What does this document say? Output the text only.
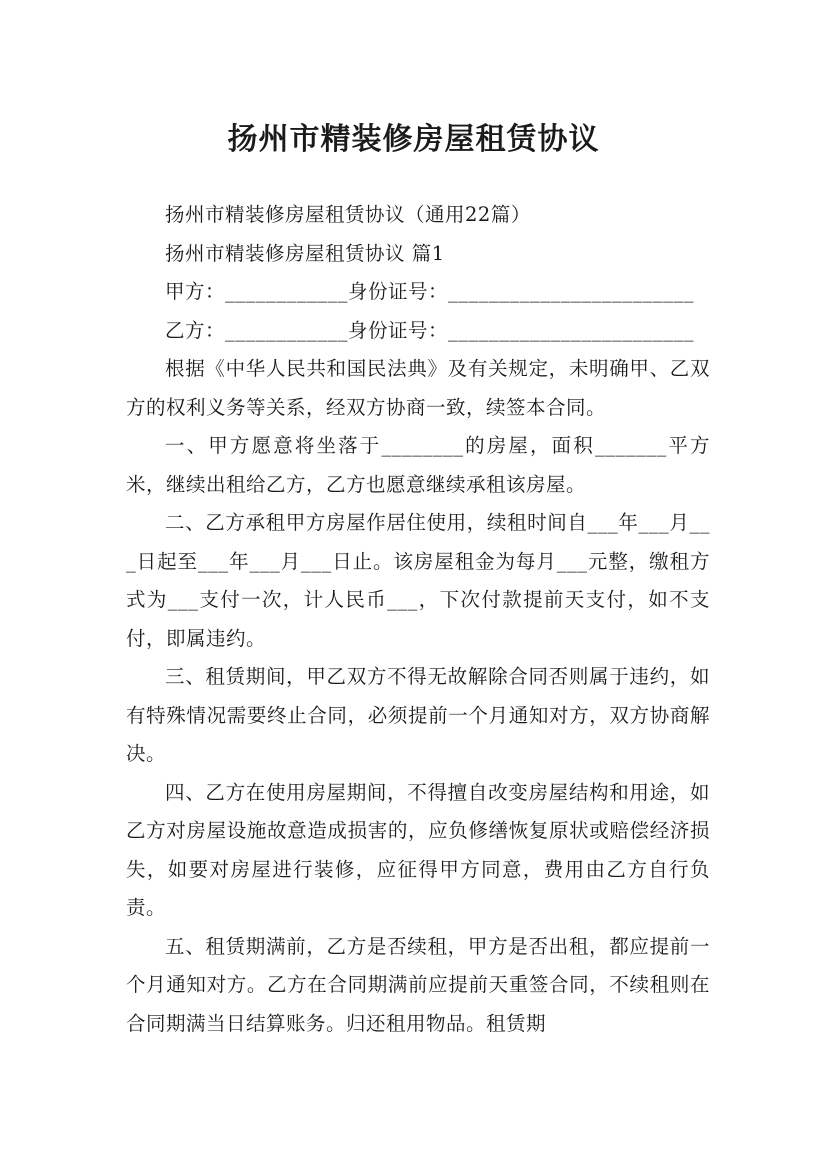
扬州市精装修房屋租赁协议

扬州市精装修房屋租赁协议（通用22篇）

扬州市精装修房屋租赁协议 篇1

甲方：____________身份证号：________________________

乙方：____________身份证号：________________________

根据《中华人民共和国民法典》及有关规定，未明确甲、乙双方的权利义务等关系，经双方协商一致，续签本合同。

一、甲方愿意将坐落于________的房屋，面积_______平方米，继续出租给乙方，乙方也愿意继续承租该房屋。

二、乙方承租甲方房屋作居住使用，续租时间自___年___月___日起至___年___月___日止。该房屋租金为每月___元整，缴租方式为___支付一次，计人民币___，下次付款提前天支付，如不支付，即属违约。

三、租赁期间，甲乙双方不得无故解除合同否则属于违约，如有特殊情况需要终止合同，必须提前一个月通知对方，双方协商解决。

四、乙方在使用房屋期间，不得擅自改变房屋结构和用途，如乙方对房屋设施故意造成损害的，应负修缮恢复原状或赔偿经济损失，如要对房屋进行装修，应征得甲方同意，费用由乙方自行负责。

五、租赁期满前，乙方是否续租，甲方是否出租，都应提前一个月通知对方。乙方在合同期满前应提前天重签合同，不续租则在合同期满当日结算账务。归还租用物品。租赁期
